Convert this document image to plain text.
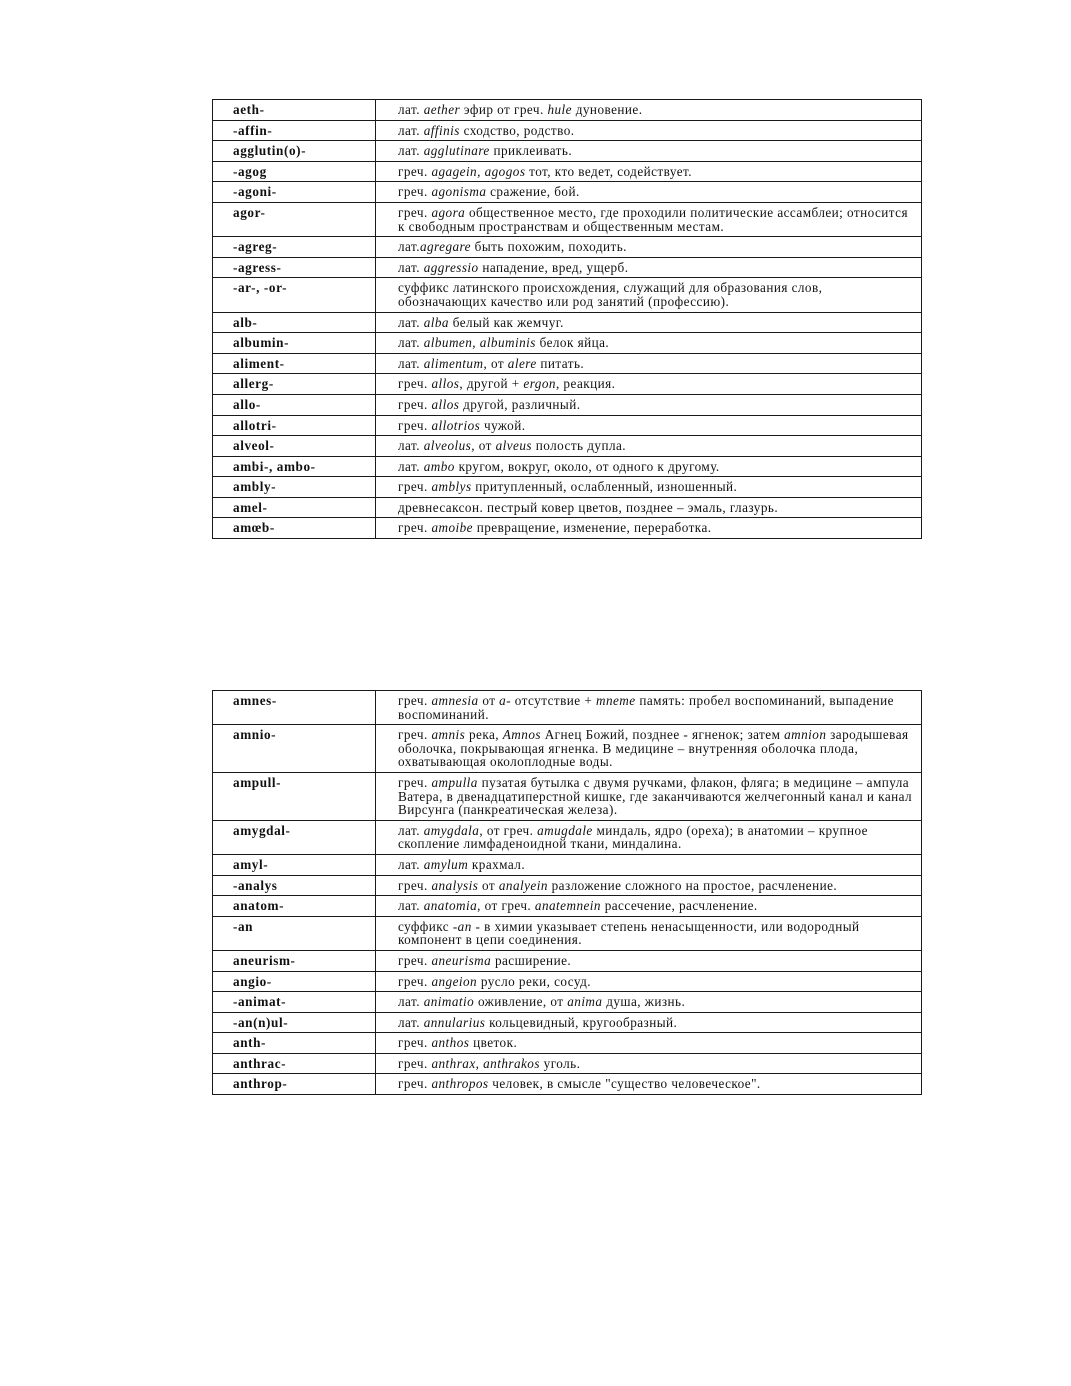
aeth-	лат. aether эфир от греч. hule дуновение.
-affin-	лат. affinis сходство, родство.
agglutin(o)-	лат. agglutinare приклеивать.
-agog	греч. agagein, agogos тот, кто ведет, содействует.
-agoni-	греч. agonisma сражение, бой.
agor-	греч. agora общественное место, где проходили политические ассамблеи; относится к свободным пространствам и общественным местам.
-agreg-	лат.agregare быть похожим, походить.
-agress-	лат. aggressio нападение, вред, ущерб.
-ar-, -or-	суффикс латинского происхождения, служащий для образования слов, обозначающих качество или род занятий (профессию).
alb-	лат. alba белый как жемчуг.
albumin-	лат. albumen, albuminis белок яйца.
aliment-	лат. alimentum, от alere питать.
allerg-	греч. allos, другой + ergon, реакция.
allo-	греч. allos другой, различный.
allotri-	греч. allotrios чужой.
alveol-	лат. alveolus, от alveus полость дупла.
ambi-, ambo-	лат. ambo кругом, вокруг, около, от одного к другому.
ambly-	греч. amblys притупленный, ослабленный, изношенный.
amel-	древнесаксон. пестрый ковер цветов, позднее – эмаль, глазурь.
amœb-	греч. amoibe превращение, изменение, переработка.
amnes-	греч. amnesia от a- отсутствие + mneme память: пробел воспоминаний, выпадение воспоминаний.
amnio-	греч. amnis река, Amnos Агнец Божий, позднее - ягненок; затем amnion зародышевая оболочка, покрывающая ягненка. В медицине – внутренняя оболочка плода, охватывающая околоплодные воды.
ampull-	греч. ampulla пузатая бутылка с двумя ручками, флакон, фляга; в медицине – ампула Ватера, в двенадцатиперстной кишке, где заканчиваются желчегонный канал и канал Вирсунга (панкреатическая железа).
amygdal-	лат. amygdala, от греч. amugdale миндаль, ядро (ореха); в анатомии – крупное скопление лимфаденоидной ткани, миндалина.
amyl-	лат. amylum крахмал.
-analys	греч. analysis от analyein разложение сложного на простое, расчленение.
anatom-	лат. anatomia, от греч. anatemnein рассечение, расчленение.
-an	суффикс -an - в химии указывает степень ненасыщенности, или водородный компонент в цепи соединения.
aneurism-	греч. aneurisma расширение.
angio-	греч. angeion русло реки, сосуд.
-animat-	лат. animatio оживление, от anima душа, жизнь.
-an(n)ul-	лат. annularius кольцевидный, кругообразный.
anth-	греч. anthos цветок.
anthrac-	греч. anthrax, anthrakos уголь.
anthrop-	греч. anthropos человек, в смысле "существо человеческое".
